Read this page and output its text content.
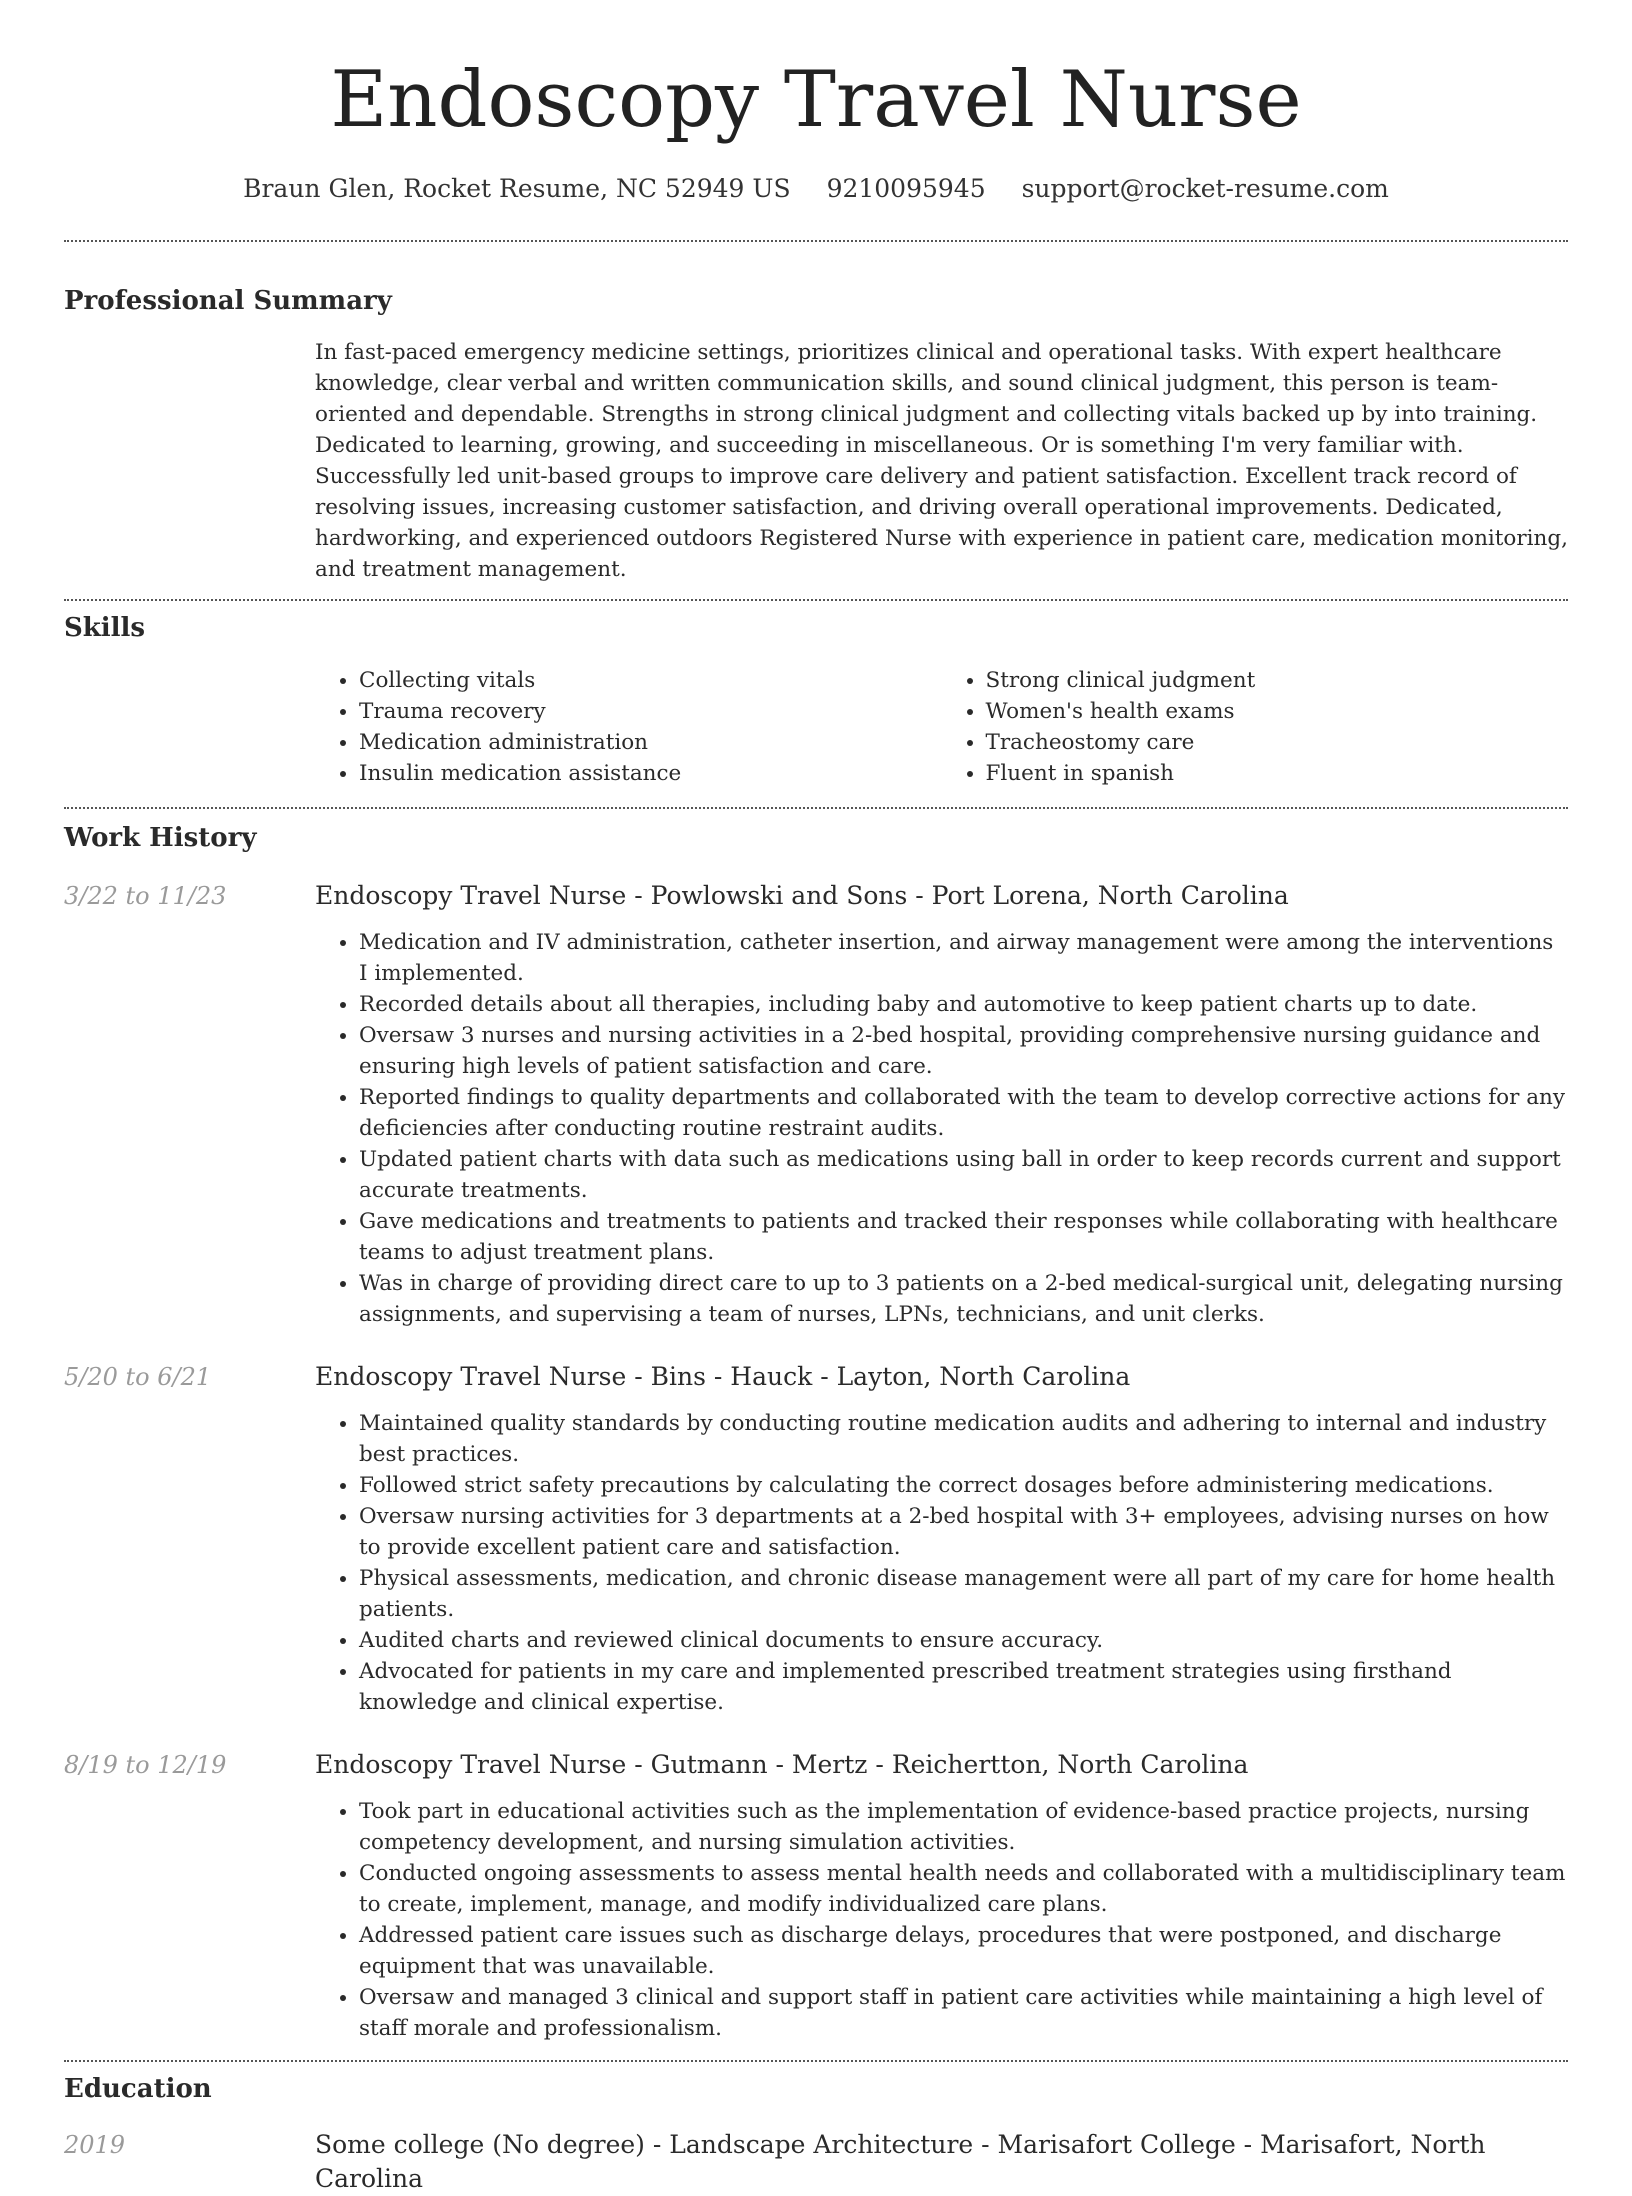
Endoscopy Travel Nurse
Braun Glen, Rocket Resume, NC 52949 US 9210095945 support@rocket-resume.com
Professional Summary

In fast-paced emergency medicine settings, prioritizes clinical and operational tasks. With expert healthcare knowledge, clear verbal and written communication skills, and sound clinical judgment, this person is team-oriented and dependable. Strengths in strong clinical judgment and collecting vitals backed up by into training. Dedicated to learning, growing, and succeeding in miscellaneous. Or is something I'm very familiar with. Successfully led unit-based groups to improve care delivery and patient satisfaction. Excellent track record of resolving issues, increasing customer satisfaction, and driving overall operational improvements. Dedicated, hardworking, and experienced outdoors Registered Nurse with experience in patient care, medication monitoring, and treatment management.

Skills
• Collecting vitals
• Trauma recovery
• Medication administration
• Insulin medication assistance
• Strong clinical judgment
• Women's health exams
• Tracheostomy care
• Fluent in spanish
Work History
3/22 to 11/23	Endoscopy Travel Nurse - Powlowski and Sons - Port Lorena, North Carolina
• Medication and IV administration, catheter insertion, and airway management were among the interventions I implemented.
• Recorded details about all therapies, including baby and automotive to keep patient charts up to date.
• Oversaw 3 nurses and nursing activities in a 2-bed hospital, providing comprehensive nursing guidance and ensuring high levels of patient satisfaction and care.
• Reported findings to quality departments and collaborated with the team to develop corrective actions for any deficiencies after conducting routine restraint audits.
• Updated patient charts with data such as medications using ball in order to keep records current and support accurate treatments.
• Gave medications and treatments to patients and tracked their responses while collaborating with healthcare teams to adjust treatment plans.
• Was in charge of providing direct care to up to 3 patients on a 2-bed medical-surgical unit, delegating nursing assignments, and supervising a team of nurses, LPNs, technicians, and unit clerks.
5/20 to 6/21	Endoscopy Travel Nurse - Bins - Hauck - Layton, North Carolina
• Maintained quality standards by conducting routine medication audits and adhering to internal and industry best practices.
• Followed strict safety precautions by calculating the correct dosages before administering medications.
• Oversaw nursing activities for 3 departments at a 2-bed hospital with 3+ employees, advising nurses on how to provide excellent patient care and satisfaction.
• Physical assessments, medication, and chronic disease management were all part of my care for home health patients.
• Audited charts and reviewed clinical documents to ensure accuracy.
• Advocated for patients in my care and implemented prescribed treatment strategies using firsthand knowledge and clinical expertise.
8/19 to 12/19	Endoscopy Travel Nurse - Gutmann - Mertz - Reichertton, North Carolina
• Took part in educational activities such as the implementation of evidence-based practice projects, nursing competency development, and nursing simulation activities.
• Conducted ongoing assessments to assess mental health needs and collaborated with a multidisciplinary team to create, implement, manage, and modify individualized care plans.
• Addressed patient care issues such as discharge delays, procedures that were postponed, and discharge equipment that was unavailable.
• Oversaw and managed 3 clinical and support staff in patient care activities while maintaining a high level of staff morale and professionalism.
Education
2019	Some college (No degree) - Landscape Architecture - Marisafort College - Marisafort, North Carolina
